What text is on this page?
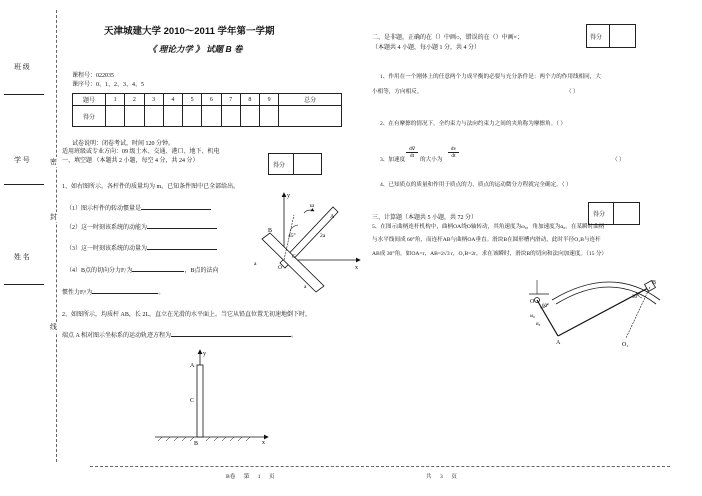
班 级
学 号
姓 名
密
封
线
天津城建大学 2010～2011 学年第一学期
《 理论力学 》 试题 B 卷
课程号：022035
课序号：0、1、2、3、4、5
题号	1	2	3	4	5	6	7	8	9	总分
得分										
试卷说明：闭卷考试，时间 120 分钟。
适用班级或专业方向：09 级土木、交通、港口、地下、机电
一、填空题 （本题共 2 小题，每空 4 分，共 24 分）
得分
1、如右图所示，各杆件的质量均为 m，已知条件图中已全部给出。
（1）图示杆件的转动惯量是
（2）这一时刻该系统的动能为
（3）这一时刻该系统的动量为
（4）B点的切向分力Fᵢᵗ为	，B点的法向
惯性力Fᵢⁿ为	。
2、如图所示，均质杆 AB，长 2L，直立在光滑的水平面上。当它从铅直位置无初速地倒下时，
端点 A 相对图示坐标系的运动轨迹方程为	。
y
A
B
x
ω
45°	2a
a
a
O
C
y
A
C
B	x
二、是非题，正确的在（）中画○，错误的在（）中画×；
（本题共 4 小题，每小题 1 分，共 4 分）
得分
1、作用在一个刚体上的任意两个力成平衡的必要与充分条件是：两个力的作用线相同，大
小相等，方向相反。	（ ）
2、在有摩擦的情况下，全约束力与法向约束力之间的夹角称为摩擦角。（ ）
3、加速度
$\frac{dv⃗}{dt}$
的大小为
$\frac{dv}{dt}$
（ ）
4、已知质点的质量和作用于质点的力，质点的运动微分方程就完全确定。（ ）
三、计算题（本题共 5 小题，共 72 分）	得分
5、在图示曲柄连杆机构中，曲柄OA绕O轴转动，其角速度为ω₀，角加速度为α₀。在某瞬时曲柄
与水平线间成 60°角，而连杆AB与曲柄OA垂直。滑块B在圆形槽内滑动，此时半径O₁B与连杆
AB成 30°角。如OA=r，AB=2√3 r，O₁B=2r，求在该瞬时，滑块B的切向和法向加速度。（15 分）
O
60°
ω₀
α₀
A
30°
B
O₁
B卷 第 1 页	共 3 页
